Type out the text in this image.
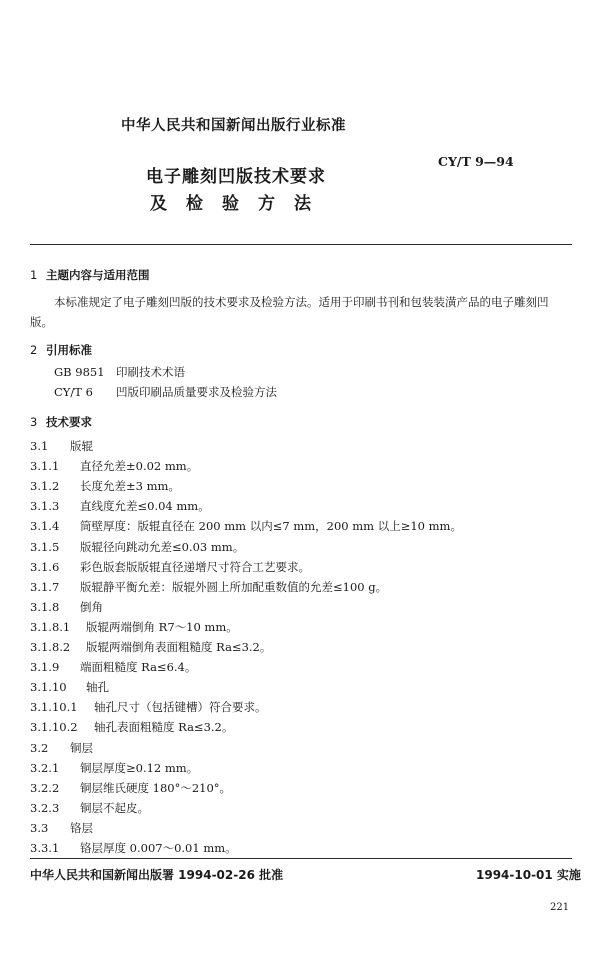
中华人民共和国新闻出版行业标准
CY/T 9—94
电子雕刻凹版技术要求
及检验方法
1 主题内容与适用范围
本标准规定了电子雕刻凹版的技术要求及检验方法。适用于印刷书刊和包装装潢产品的电子雕刻凹版。
2 引用标准
GB 9851 印刷技术术语
CY/T 6 凹版印刷品质量要求及检验方法
3 技术要求
3.1 版辊
3.1.1 直径允差±0.02 mm。
3.1.2 长度允差±3 mm。
3.1.3 直线度允差≤0.04 mm。
3.1.4 筒壁厚度：版辊直径在 200 mm 以内≤7 mm，200 mm 以上≥10 mm。
3.1.5 版辊径向跳动允差≤0.03 mm。
3.1.6 彩色版套版版辊直径递增尺寸符合工艺要求。
3.1.7 版辊静平衡允差：版辊外圆上所加配重数值的允差≤100 g。
3.1.8 倒角
3.1.8.1 版辊两端倒角 R7～10 mm。
3.1.8.2 版辊两端倒角表面粗糙度 Ra≤3.2。
3.1.9 端面粗糙度 Ra≤6.4。
3.1.10 轴孔
3.1.10.1 轴孔尺寸（包括键槽）符合要求。
3.1.10.2 轴孔表面粗糙度 Ra≤3.2。
3.2 铜层
3.2.1 铜层厚度≥0.12 mm。
3.2.2 铜层维氏硬度 180°～210°。
3.2.3 铜层不起皮。
3.3 铬层
3.3.1 铬层厚度 0.007～0.01 mm。
中华人民共和国新闻出版署 1994-02-26 批准	1994-10-01 实施
221
